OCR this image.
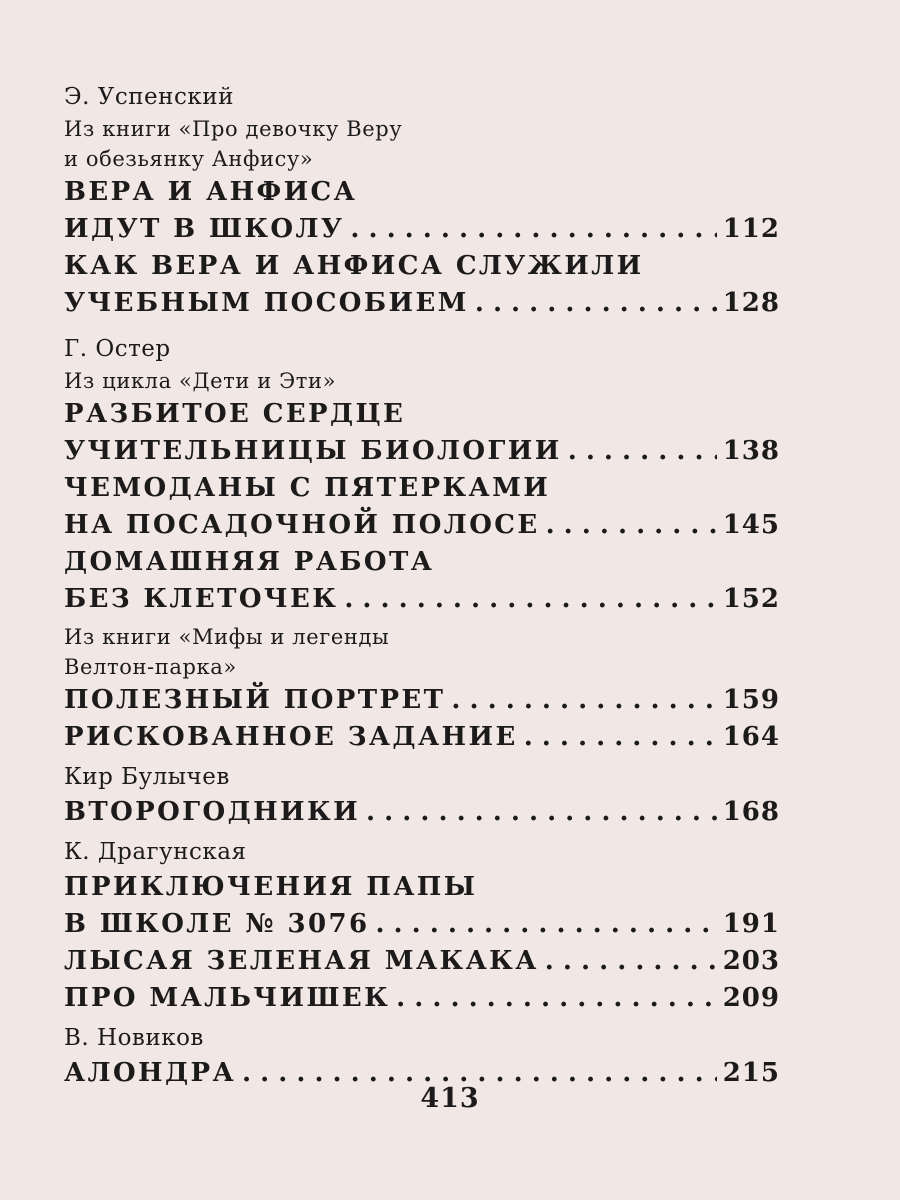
Э. Успенский
Из книги «Про девочку Веру
и обезьянку Анфису»
ВЕРА И АНФИСА
ИДУТ В ШКОЛУ . . .	112
КАК ВЕРА И АНФИСА СЛУЖИЛИ
УЧЕБНЫМ ПОСОБИЕМ . . .	128
Г. Остер
Из цикла «Дети и Эти»
РАЗБИТОЕ СЕРДЦЕ
УЧИТЕЛЬНИЦЫ БИОЛОГИИ . . .	138
ЧЕМОДАНЫ С ПЯТЕРКАМИ
НА ПОСАДОЧНОЙ ПОЛОСЕ . . .	145
ДОМАШНЯЯ РАБОТА
БЕЗ КЛЕТОЧЕК . . .	152
Из книги «Мифы и легенды
Велтон-парка»
ПОЛЕЗНЫЙ ПОРТРЕТ . . .	159
РИСКОВАННОЕ ЗАДАНИЕ . . .	164
Кир Булычев
ВТОРОГОДНИКИ . . .	168
К. Драгунская
ПРИКЛЮЧЕНИЯ ПАПЫ
В ШКОЛЕ № 3076 . . .	191
ЛЫСАЯ ЗЕЛЕНАЯ МАКАКА . . .	203
ПРО МАЛЬЧИШЕК . . .	209
В. Новиков
АЛОНДРА . . .	215
413
